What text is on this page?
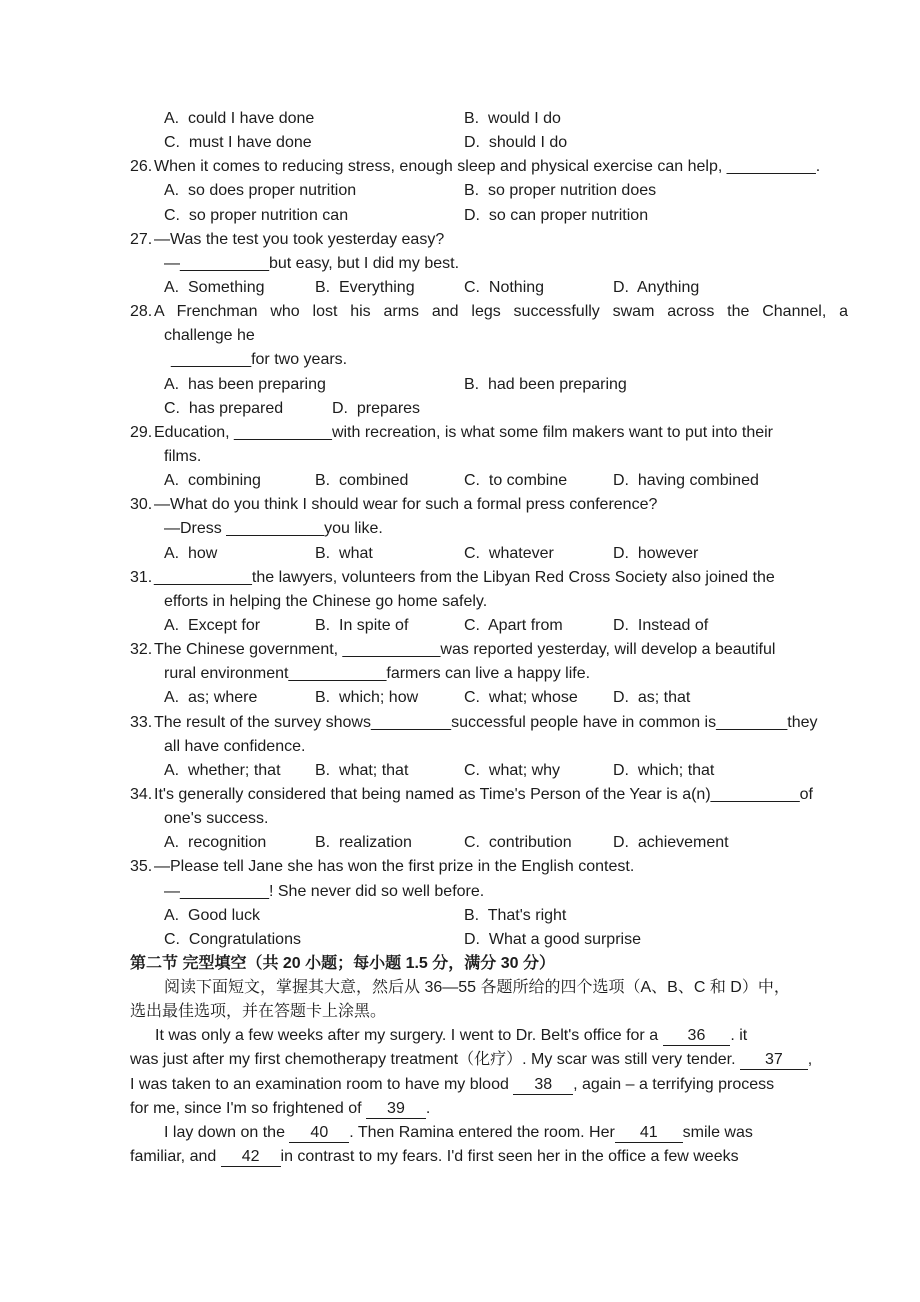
A.  could I have done	B.  would I do
C.  must I have done	D.  should I do
26. When it comes to reducing stress, enough sleep and physical exercise can help, __________.
A.  so does proper nutrition	B.  so proper nutrition does
C.  so proper nutrition can	D.  so can proper nutrition
27. —Was the test you took yesterday easy?
—__________but easy, but I did my best.
A.  Something	B.  Everything	C.  Nothing	D.  Anything
28. A Frenchman who lost his arms and legs successfully swam across the Channel, a
challenge he
_________for two years.
A.  has been preparing	B.  had been preparing
C.  has prepared	D.  prepares
29. Education, ___________with recreation, is what some film makers want to put into their
films.
A.  combining	B.  combined	C.  to combine	D.  having combined
30. —What do you think I should wear for such a formal press conference?
—Dress ___________you like.
A.  how	B.  what	C.  whatever	D.  however
31. ___________the lawyers, volunteers from the Libyan Red Cross Society also joined the
efforts in helping the Chinese go home safely.
A.  Except for	B.  In spite of	C.  Apart from	D.  Instead of
32. The Chinese government, ___________was reported yesterday, will develop a beautiful
rural environment___________farmers can live a happy life.
A.  as; where	B.  which; how	C.  what; whose D.  as; that
33. The result of the survey shows_________successful people have in common is________they
all have confidence.
A.  whether; that B.  what; that	C.  what; why	D.  which; that
34. It's generally considered that being named as Time's Person of the Year is a(n)__________of
one's success.
A.  recognition	B.  realization	C.  contribution	D.  achievement
35. —Please tell Jane she has won the first prize in the English contest.
—__________! She never did so well before.
A.  Good luck	B.  That's right
C.  Congratulations	D.  What a good surprise
第二节 完型填空（共 20 小题；每小题 1.5 分，满分 30 分）
阅读下面短文，掌握其大意，然后从 36—55 各题所给的四个选项（A、B、C 和 D）中，
选出最佳选项，并在答题卡上涂黑。
It was only a few weeks after my surgery. I went to Dr. Belt's office for a 36 . it
was just after my first chemotherapy treatment（化疗）. My scar was still very tender. 37 ,
I was taken to an examination room to have my blood 38 , again – a terrifying process
for me, since I'm so frightened of 39 .
I lay down on the 40 . Then Ramina entered the room. Her 41 smile was
familiar, and 42 in contrast to my fears. I'd first seen her in the office a few weeks
